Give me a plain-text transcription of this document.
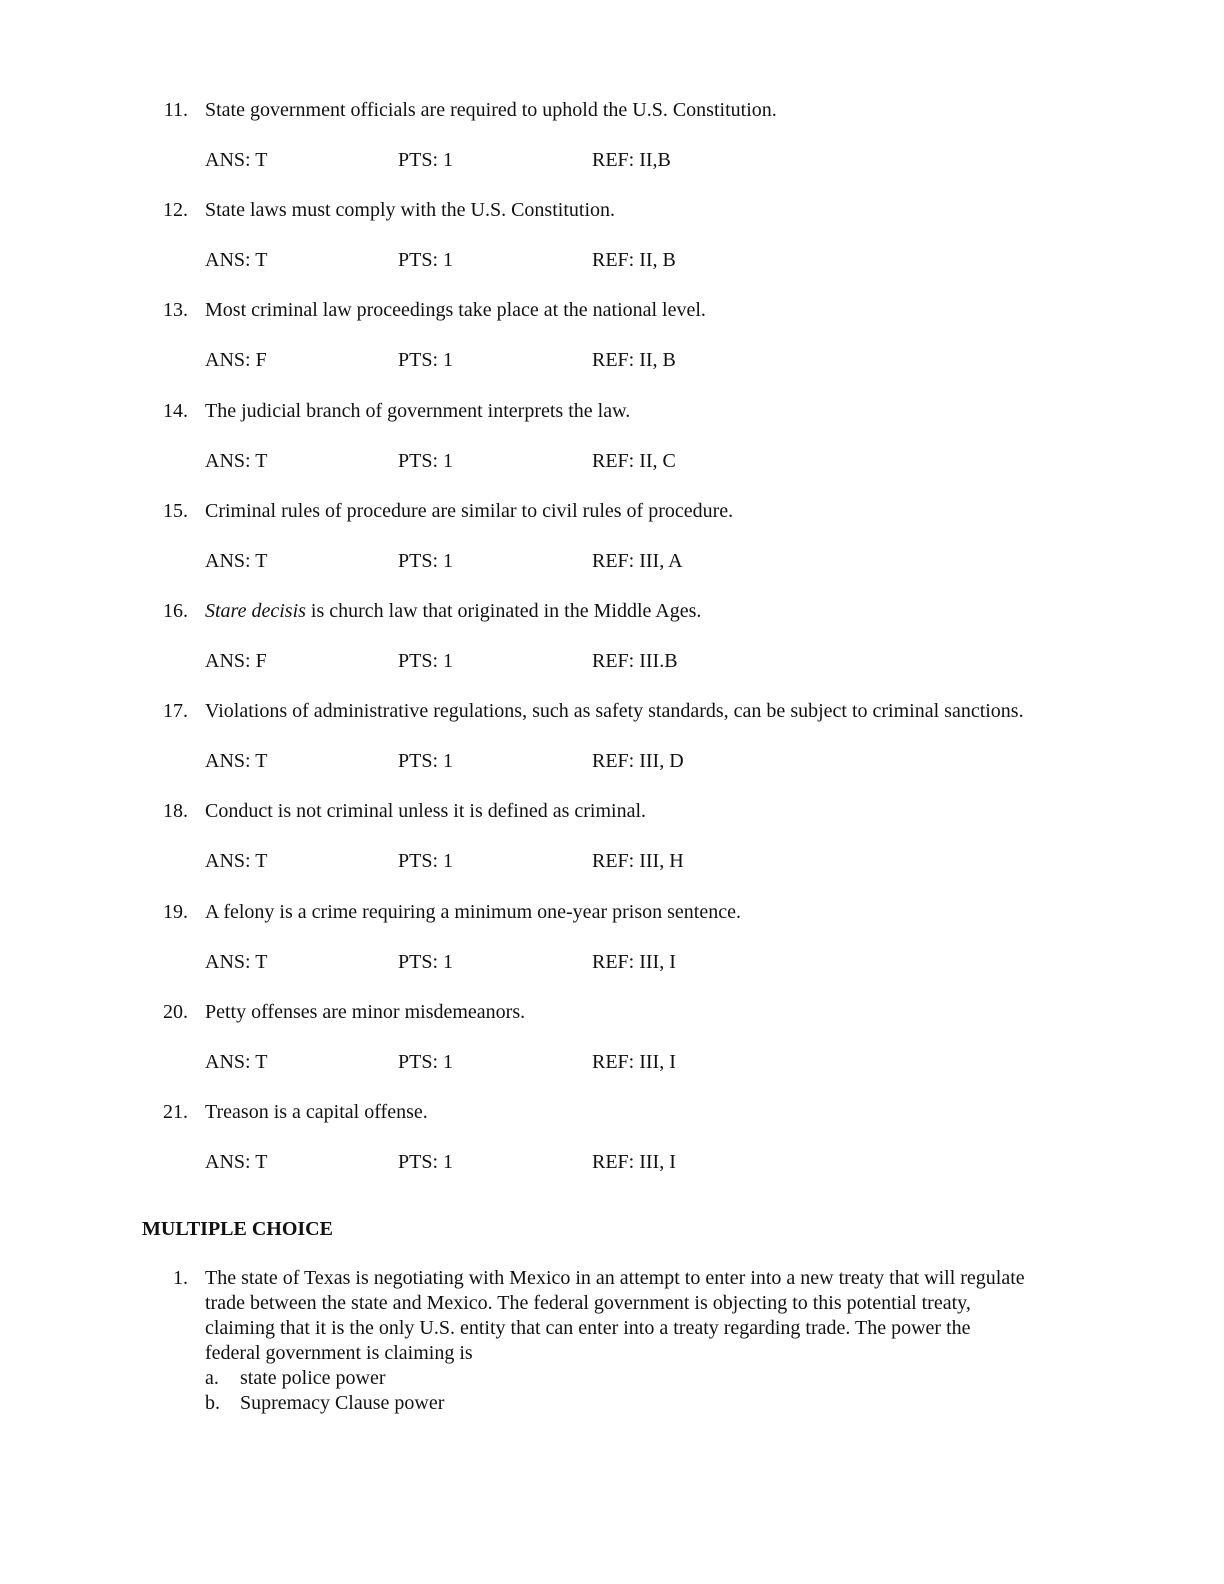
11. State government officials are required to uphold the U.S. Constitution.
ANS: T	PTS: 1	REF: II,B
12. State laws must comply with the U.S. Constitution.
ANS: T	PTS: 1	REF: II, B
13. Most criminal law proceedings take place at the national level.
ANS: F	PTS: 1	REF: II, B
14. The judicial branch of government interprets the law.
ANS: T	PTS: 1	REF: II, C
15. Criminal rules of procedure are similar to civil rules of procedure.
ANS: T	PTS: 1	REF: III, A
16. Stare decisis is church law that originated in the Middle Ages.
ANS: F	PTS: 1	REF: III.B
17. Violations of administrative regulations, such as safety standards, can be subject to criminal sanctions.
ANS: T	PTS: 1	REF: III, D
18. Conduct is not criminal unless it is defined as criminal.
ANS: T	PTS: 1	REF: III, H
19. A felony is a crime requiring a minimum one-year prison sentence.
ANS: T	PTS: 1	REF: III, I
20. Petty offenses are minor misdemeanors.
ANS: T	PTS: 1	REF: III, I
21. Treason is a capital offense.
ANS: T	PTS: 1	REF: III, I
MULTIPLE CHOICE
1. The state of Texas is negotiating with Mexico in an attempt to enter into a new treaty that will regulate
trade between the state and Mexico. The federal government is objecting to this potential treaty,
claiming that it is the only U.S. entity that can enter into a treaty regarding trade. The power the
federal government is claiming is
a. state police power
b. Supremacy Clause power
